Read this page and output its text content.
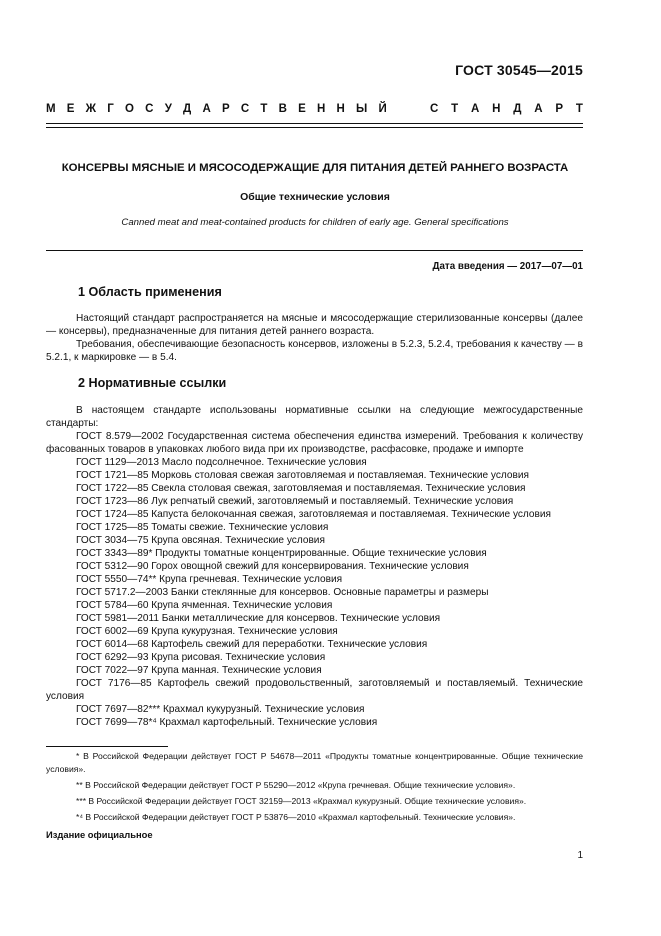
ГОСТ 30545—2015
М Е Ж Г О С У Д А Р С Т В Е Н Н Ы Й	С Т А Н Д А Р Т
КОНСЕРВЫ МЯСНЫЕ И МЯСОСОДЕРЖАЩИЕ ДЛЯ ПИТАНИЯ ДЕТЕЙ РАННЕГО ВОЗРАСТА
Общие технические условия
Canned meat and meat-contained products for children of early age. General specifications
Дата введения — 2017—07—01
1 Область применения

Настоящий стандарт распространяется на мясные и мясосодержащие стерилизованные консервы (далее — консервы), предназначенные для питания детей раннего возраста.

Требования, обеспечивающие безопасность консервов, изложены в 5.2.3, 5.2.4, требования к качеству — в 5.2.1, к маркировке — в 5.4.

2 Нормативные ссылки

В настоящем стандарте использованы нормативные ссылки на следующие межгосударственные стандарты:

ГОСТ 8.579—2002 Государственная система обеспечения единства измерений. Требования к количеству фасованных товаров в упаковках любого вида при их производстве, расфасовке, продаже и импорте

ГОСТ 1129—2013 Масло подсолнечное. Технические условия

ГОСТ 1721—85 Морковь столовая свежая заготовляемая и поставляемая. Технические условия

ГОСТ 1722—85 Свекла столовая свежая, заготовляемая и поставляемая. Технические условия

ГОСТ 1723—86 Лук репчатый свежий, заготовляемый и поставляемый. Технические условия

ГОСТ 1724—85 Капуста белокочанная свежая, заготовляемая и поставляемая. Технические условия

ГОСТ 1725—85 Томаты свежие. Технические условия

ГОСТ 3034—75 Крупа овсяная. Технические условия

ГОСТ 3343—89* Продукты томатные концентрированные. Общие технические условия

ГОСТ 5312—90 Горох овощной свежий для консервирования. Технические условия

ГОСТ 5550—74** Крупа гречневая. Технические условия

ГОСТ 5717.2—2003 Банки стеклянные для консервов. Основные параметры и размеры

ГОСТ 5784—60 Крупа ячменная. Технические условия

ГОСТ 5981—2011 Банки металлические для консервов. Технические условия

ГОСТ 6002—69 Крупа кукурузная. Технические условия

ГОСТ 6014—68 Картофель свежий для переработки. Технические условия

ГОСТ 6292—93 Крупа рисовая. Технические условия

ГОСТ 7022—97 Крупа манная. Технические условия

ГОСТ 7176—85 Картофель свежий продовольственный, заготовляемый и поставляемый. Технические условия

ГОСТ 7697—82*** Крахмал кукурузный. Технические условия

ГОСТ 7699—78*⁴ Крахмал картофельный. Технические условия

* В Российской Федерации действует ГОСТ Р 54678—2011 «Продукты томатные концентрированные. Общие технические условия».

** В Российской Федерации действует ГОСТ Р 55290—2012 «Крупа гречневая. Общие технические условия».

*** В Российской Федерации действует ГОСТ 32159—2013 «Крахмал кукурузный. Общие технические условия».

*⁴ В Российской Федерации действует ГОСТ Р 53876—2010 «Крахмал картофельный. Технические условия».

Издание официальное
1
